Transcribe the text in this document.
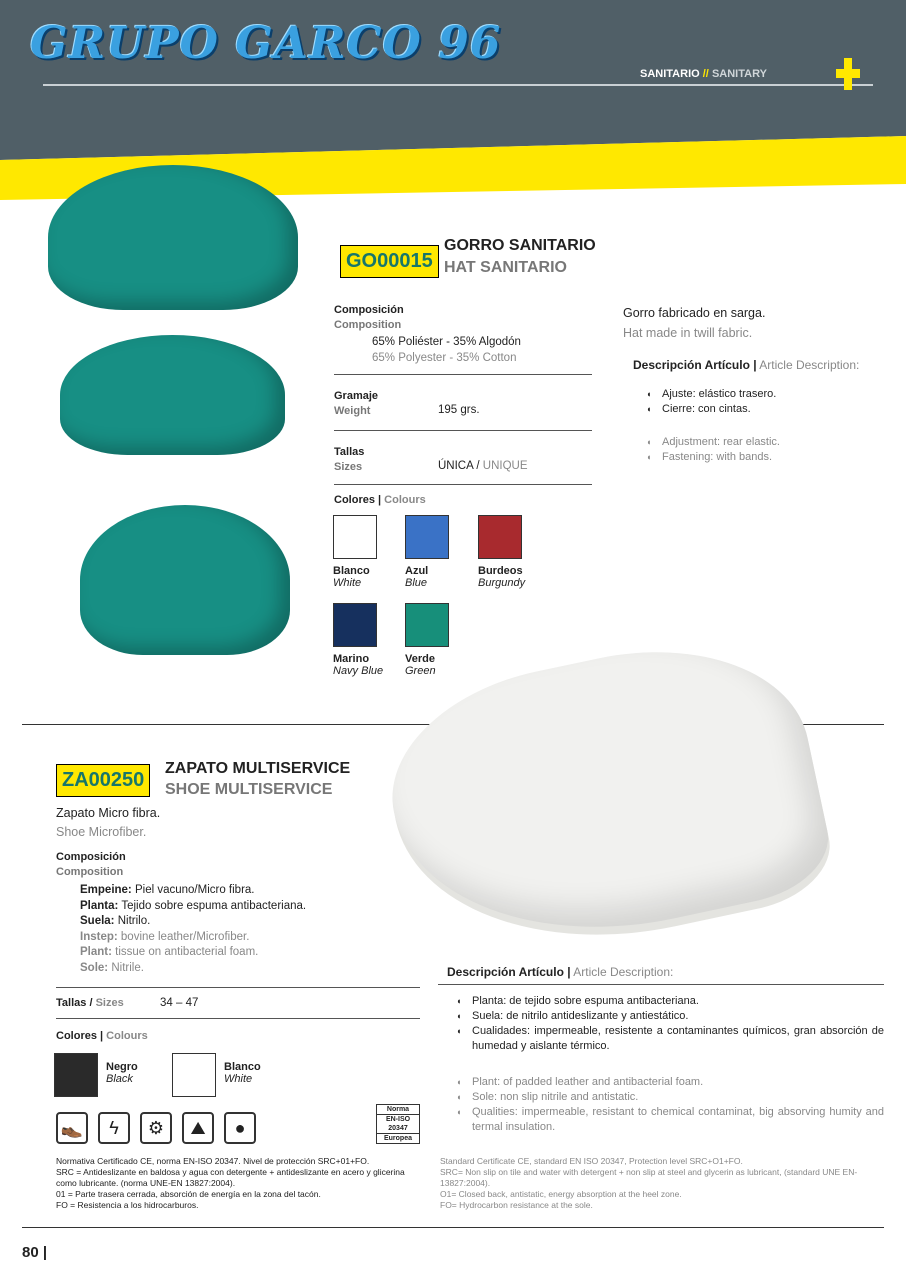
GRUPO GARCO 96
SANITARIO // SANITARY
GO00015
GORRO SANITARIO
HAT SANITARIO
Composición
Composition
65% Poliéster - 35% Algodón
65% Polyester - 35% Cotton
Gramaje
Weight	195 grs.
Tallas
Sizes	ÚNICA / UNIQUE
Colores | Colours
Blanco
White
Azul
Blue
Burdeos
Burgundy
Marino
Navy Blue
Verde
Green
Gorro fabricado en sarga.
Hat made in twill fabric.
Descripción Artículo | Article Description:
◖ Ajuste: elástico trasero.
◖ Cierre: con cintas.
◖ Adjustment: rear elastic.
◖ Fastening: with bands.
ZA00250
ZAPATO MULTISERVICE
SHOE MULTISERVICE
Zapato Micro fibra.
Shoe Microfiber.
Composición
Composition
Empeine: Piel vacuno/Micro fibra.
Planta: Tejido sobre espuma antibacteriana.
Suela: Nitrilo.
Instep: bovine leather/Microfiber.
Plant: tissue on antibacterial foam.
Sole: Nitrile.
Tallas / Sizes	34 – 47
Colores | Colours
Negro
Black
Blanco
White
👞	ϟ	⚙	⛰	●
Norma
EN-ISO
20347
Europea
Normativa Certificado CE, norma EN-ISO 20347. Nivel de protección SRC+01+FO.
SRC = Antideslizante en baldosa y agua con detergente + antideslizante en acero y glicerina como lubricante. (norma UNE-EN 13827:2004).
01 = Parte trasera cerrada, absorción de energía en la zona del tacón.
FO = Resistencia a los hidrocarburos.
Descripción Artículo | Article Description:
◖ Planta: de tejido sobre espuma antibacteriana.
◖ Suela: de nitrilo antideslizante y antiestático.
◖ Cualidades: impermeable, resistente a contaminantes químicos, gran absorción de humedad y aislante térmico.
◖ Plant: of padded leather and antibacterial foam.
◖ Sole: non slip nitrile and antistatic.
◖ Qualities: impermeable, resistant to chemical contaminat, big absorving humity and termal insulation.
Standard Certificate CE, standard EN ISO 20347, Protection level SRC+O1+FO.
SRC= Non slip on tile and water with detergent + non slip at steel and glycerin as lubricant, (standard UNE EN-13827:2004).
O1= Closed back, antistatic, energy absorption at the heel zone.
FO= Hydrocarbon resistance at the sole.
80 |
